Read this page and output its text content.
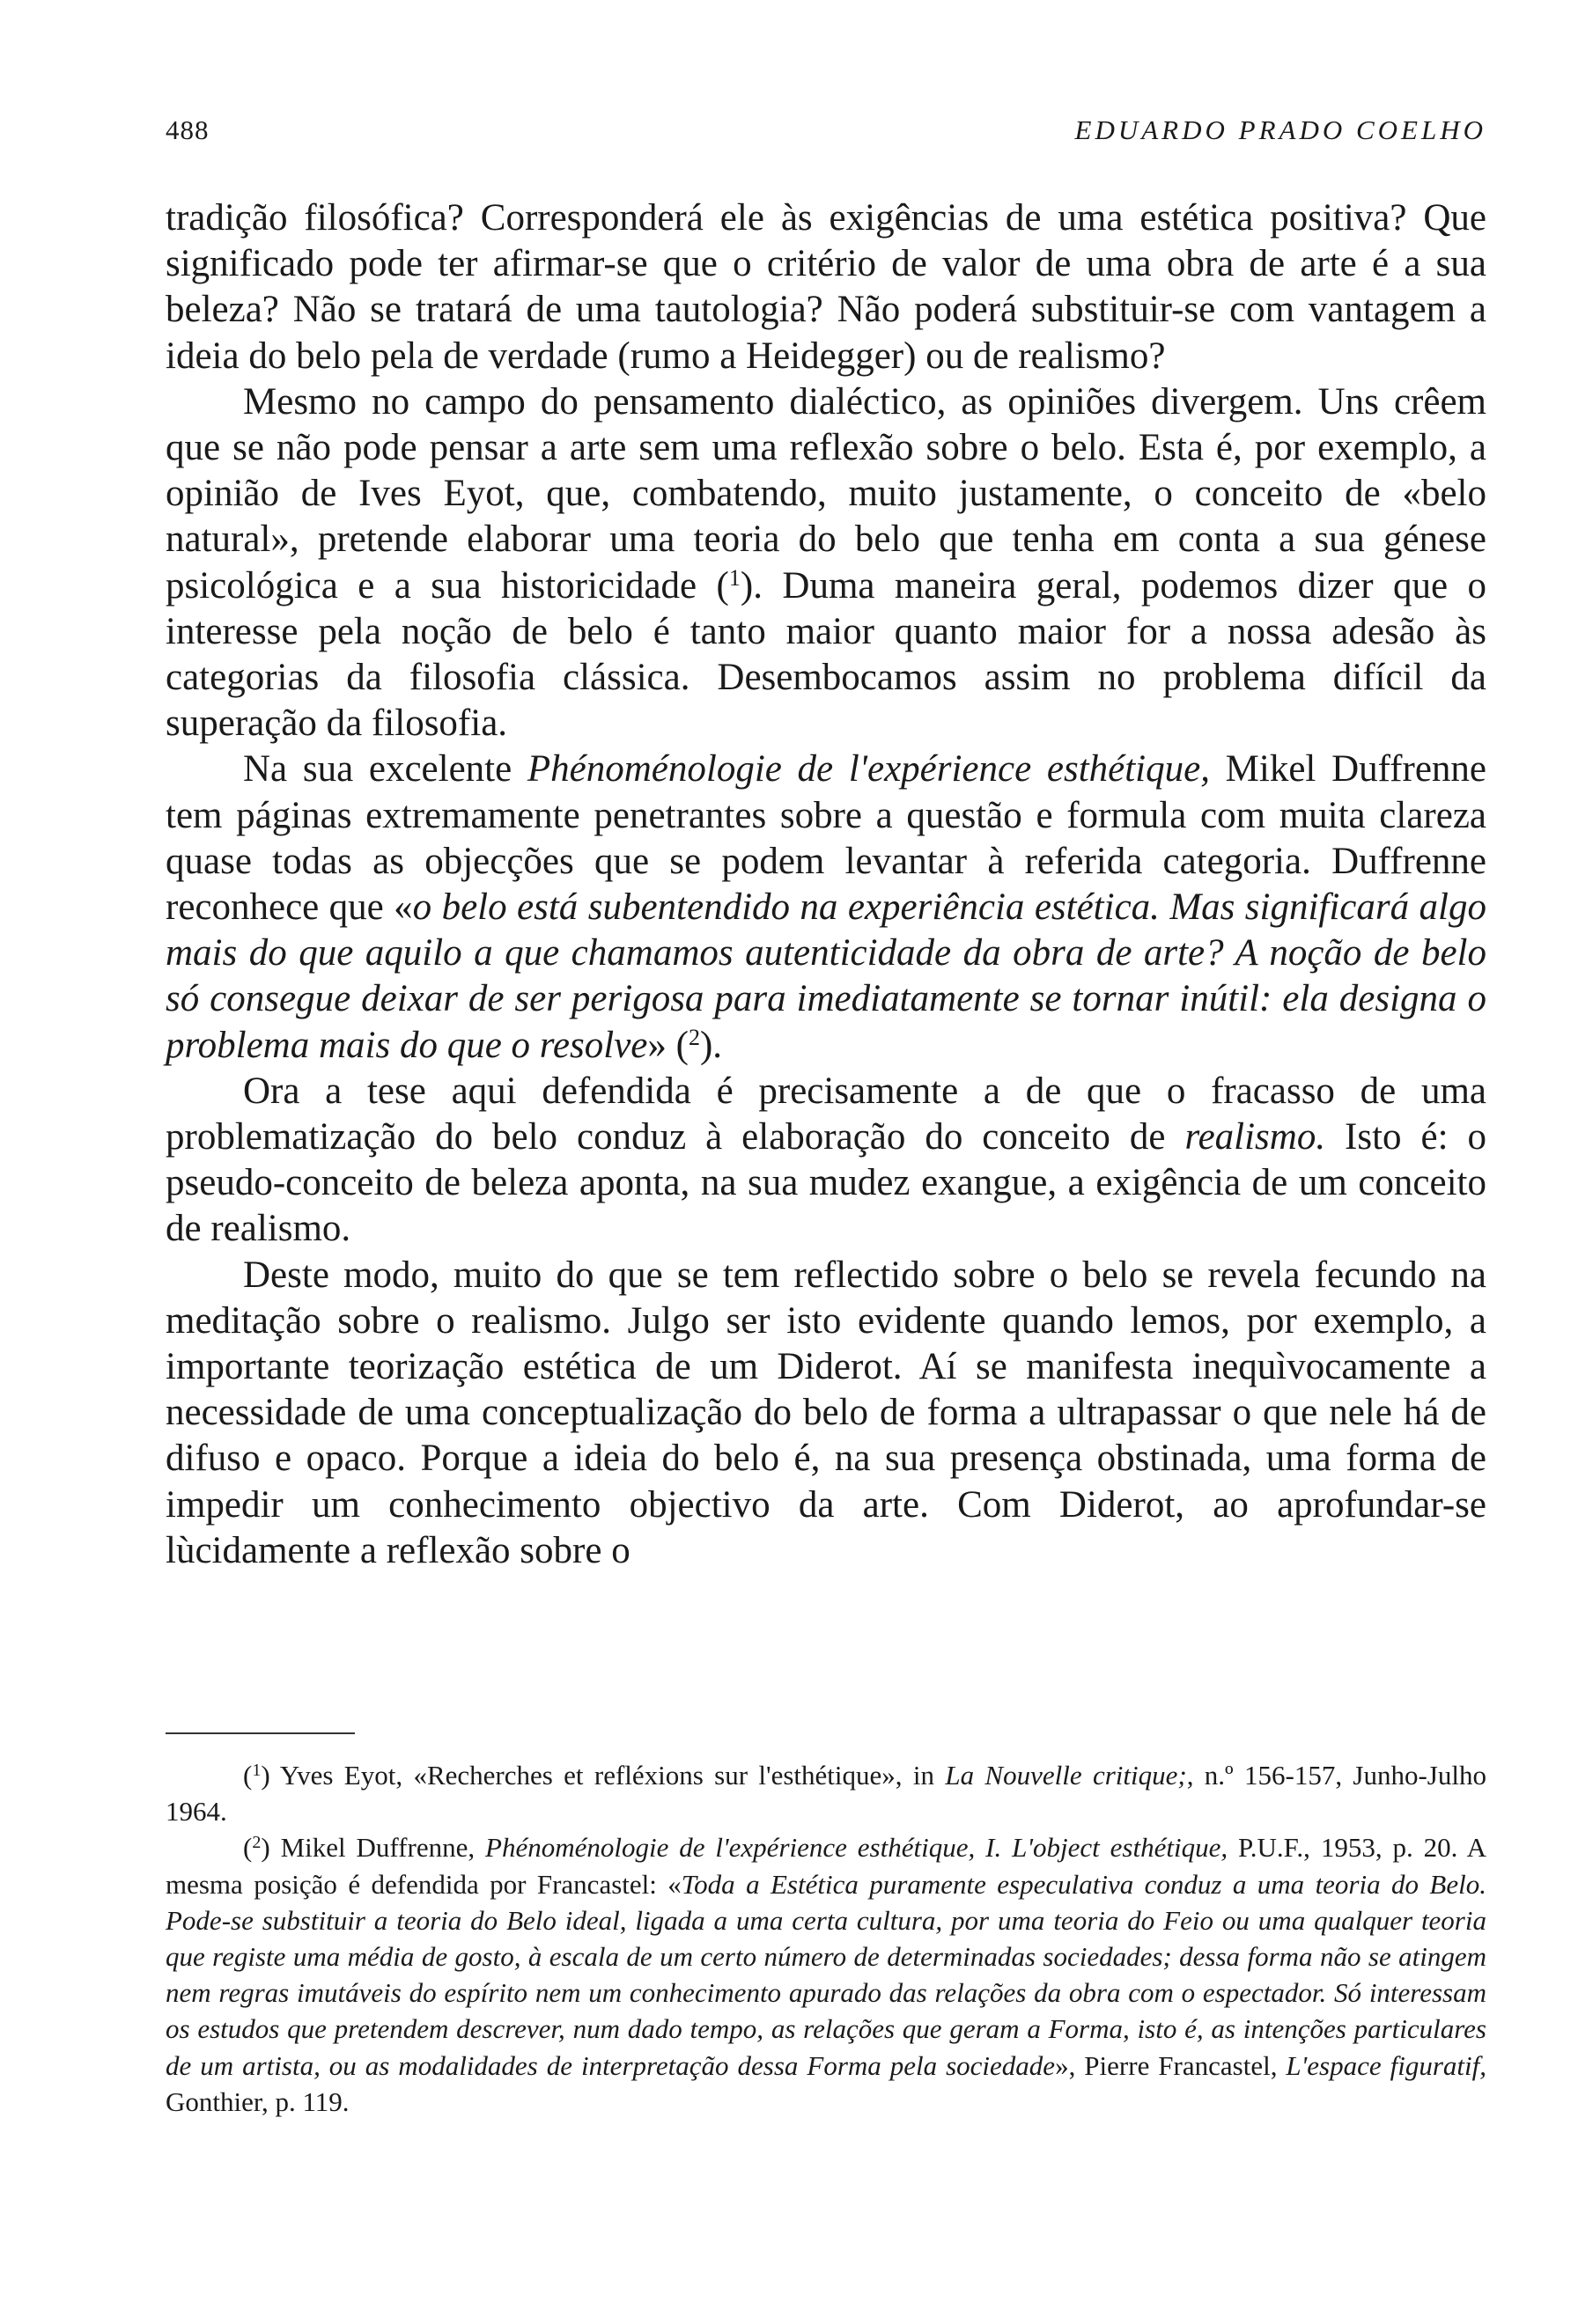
488	EDUARDO PRADO COELHO

tradição filosófica? Corresponderá ele às exigências de uma estética positiva? Que significado pode ter afirmar-se que o critério de valor de uma obra de arte é a sua beleza? Não se tratará de uma tautologia? Não poderá substituir-se com vantagem a ideia do belo pela de verdade (rumo a Heidegger) ou de realismo?

Mesmo no campo do pensamento dialéctico, as opiniões divergem. Uns crêem que se não pode pensar a arte sem uma reflexão sobre o belo. Esta é, por exemplo, a opinião de Ives Eyot, que, combatendo, muito justamente, o conceito de «belo natural», pretende elaborar uma teoria do belo que tenha em conta a sua génese psicológica e a sua historicidade ($^1$). Duma maneira geral, podemos dizer que o interesse pela noção de belo é tanto maior quanto maior for a nossa adesão às categorias da filosofia clássica. Desembocamos assim no problema difícil da superação da filosofia.

Na sua excelente Phénoménologie de l'expérience esthétique, Mikel Duffrenne tem páginas extremamente penetrantes sobre a questão e formula com muita clareza quase todas as objecções que se podem levantar à referida categoria. Duffrenne reconhece que «o belo está subentendido na experiência estética. Mas significará algo mais do que aquilo a que chamamos autenticidade da obra de arte? A noção de belo só consegue deixar de ser perigosa para imediatamente se tornar inútil: ela designa o problema mais do que o resolve» ($^2$).

Ora a tese aqui defendida é precisamente a de que o fracasso de uma problematização do belo conduz à elaboração do conceito de realismo. Isto é: o pseudo-conceito de beleza aponta, na sua mudez exangue, a exigência de um conceito de realismo.

Deste modo, muito do que se tem reflectido sobre o belo se revela fecundo na meditação sobre o realismo. Julgo ser isto evidente quando lemos, por exemplo, a importante teorização estética de um Diderot. Aí se manifesta inequìvocamente a necessidade de uma conceptualização do belo de forma a ultrapassar o que nele há de difuso e opaco. Porque a ideia do belo é, na sua presença obstinada, uma forma de impedir um conhecimento objectivo da arte. Com Diderot, ao aprofundar-se lùcidamente a reflexão sobre o

($^1$) Yves Eyot, «Recherches et refléxions sur l'esthétique», in La Nouvelle critique;, n.º 156-157, Junho-Julho 1964.

($^2$) Mikel Duffrenne, Phénoménologie de l'expérience esthétique, I. L'object esthétique, P.U.F., 1953, p. 20. A mesma posição é defendida por Francastel: «Toda a Estética puramente especulativa conduz a uma teoria do Belo. Pode-se substituir a teoria do Belo ideal, ligada a uma certa cultura, por uma teoria do Feio ou uma qualquer teoria que registe uma média de gosto, à escala de um certo número de determinadas sociedades; dessa forma não se atingem nem regras imutáveis do espírito nem um conhecimento apurado das relações da obra com o espectador. Só interessam os estudos que pretendem descrever, num dado tempo, as relações que geram a Forma, isto é, as intenções particulares de um artista, ou as modalidades de interpretação dessa Forma pela sociedade», Pierre Francastel, L'espace figuratif, Gonthier, p. 119.
